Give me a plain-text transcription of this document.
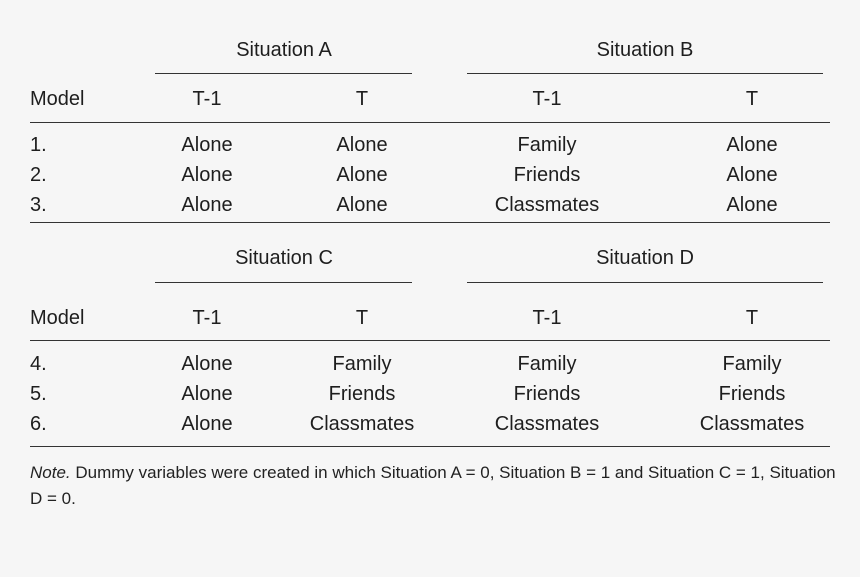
Situation A	Situation B
Model	T-1	T	T-1	T
1.	Alone	Alone	Family	Alone
2.	Alone	Alone	Friends	Alone
3.	Alone	Alone	Classmates	Alone
Situation C	Situation D
Model	T-1	T	T-1	T
4.	Alone	Family	Family	Family
5.	Alone	Friends	Friends	Friends
6.	Alone	Classmates	Classmates	Classmates
Note. Dummy variables were created in which Situation A = 0, Situation B = 1 and Situation C = 1, Situation D = 0.
